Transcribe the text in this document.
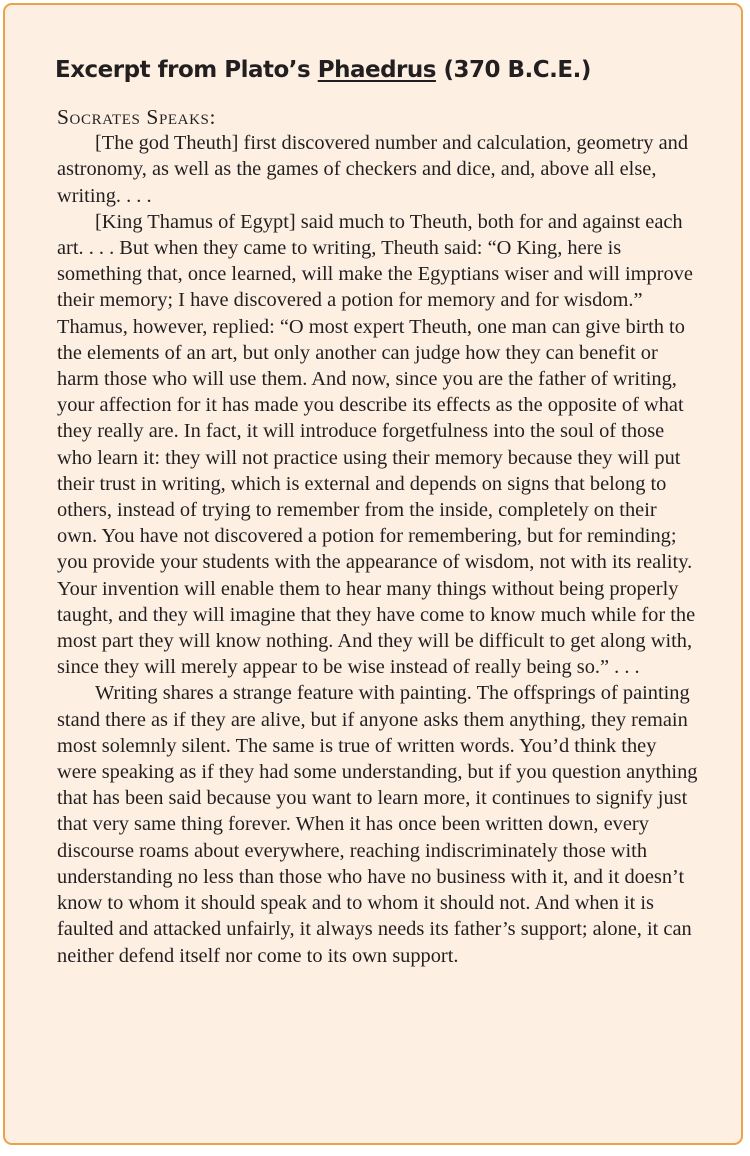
Excerpt from Plato’s Phaedrus (370 B.C.E.)

Socrates Speaks:

[The god Theuth] first discovered number and calculation, geometry and astronomy, as well as the games of checkers and dice, and, above all else, writing. . . .

[King Thamus of Egypt] said much to Theuth, both for and against each art. . . . But when they came to writing, Theuth said: “O King, here is something that, once learned, will make the Egyptians wiser and will improve their memory; I have discovered a potion for memory and for wisdom.” Thamus, however, replied: “O most expert Theuth, one man can give birth to the elements of an art, but only another can judge how they can benefit or harm those who will use them. And now, since you are the father of writing, your affection for it has made you describe its effects as the opposite of what they really are. In fact, it will introduce forgetfulness into the soul of those who learn it: they will not practice using their memory because they will put their trust in writing, which is external and depends on signs that belong to others, instead of trying to remember from the inside, completely on their own. You have not discovered a potion for remembering, but for reminding; you provide your students with the appearance of wisdom, not with its reality. Your invention will enable them to hear many things without being properly taught, and they will imagine that they have come to know much while for the most part they will know nothing. And they will be difficult to get along with, since they will merely appear to be wise instead of really being so.” . . .

Writing shares a strange feature with painting. The offsprings of painting stand there as if they are alive, but if anyone asks them anything, they remain most solemnly silent. The same is true of written words. You’d think they were speaking as if they had some understanding, but if you question anything that has been said because you want to learn more, it continues to signify just that very same thing forever. When it has once been written down, every discourse roams about everywhere, reaching indiscriminately those with understanding no less than those who have no business with it, and it doesn’t know to whom it should speak and to whom it should not. And when it is faulted and attacked unfairly, it always needs its father’s support; alone, it can neither defend itself nor come to its own support.
